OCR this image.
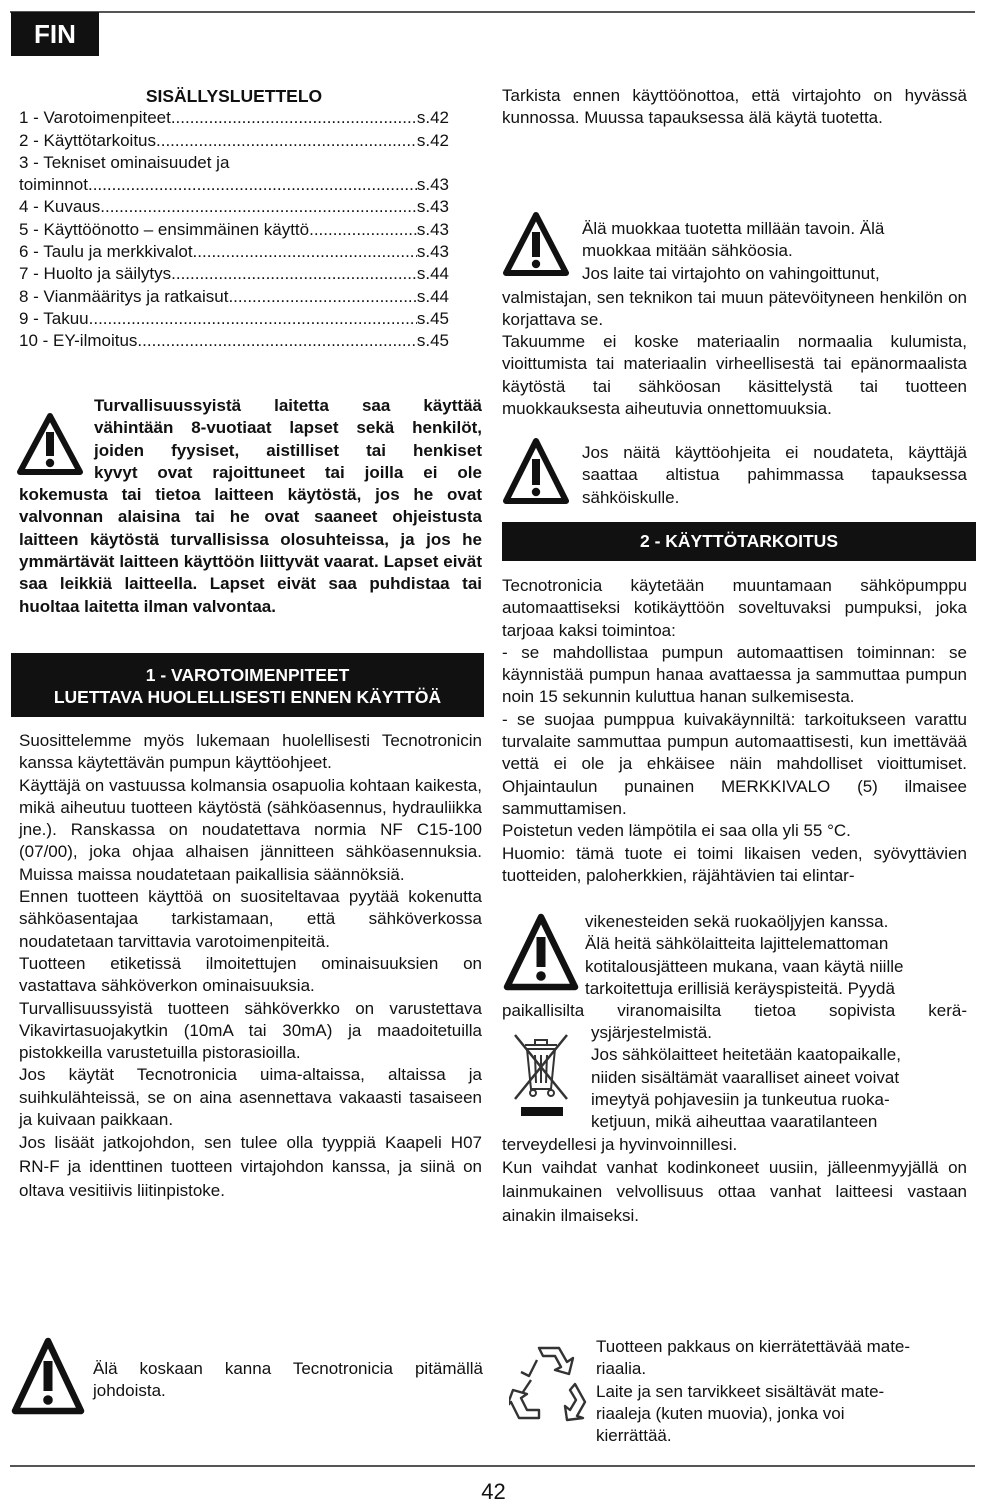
FIN
SISÄLLYSLUETTELO
1 - Varotoimenpiteet .....	s.42
2 - Käyttötarkoitus .....	s.42
3 - Tekniset ominaisuudet ja
toiminnot .....	s.43
4 - Kuvaus .....	s.43
5 - Käyttöönotto – ensimmäinen käyttö .....	s.43
6 - Taulu ja merkkivalot .....	s.43
7 - Huolto ja säilytys .....	s.44
8 - Vianmääritys ja ratkaisut .....	s.44
9 - Takuu .....	s.45
10 - EY-ilmoitus .....	s.45
Turvallisuussyistä laitetta saa käyttää
vähintään 8-vuotiaat lapset sekä henkilöt,
joiden fyysiset, aistilliset tai henkiset
kyvyt ovat rajoittuneet tai joilla ei ole
kokemusta tai tietoa laitteen käytöstä, jos he ovat valvonnan alaisina tai he ovat saaneet ohjeistusta laitteen käytöstä turvallisissa olosuhteissa, ja jos he ymmärtävät laitteen käyttöön liittyvät vaarat. Lapset eivät saa leikkiä laitteella. Lapset eivät saa puhdistaa tai huoltaa laitetta ilman valvontaa.
1 - VAROTOIMENPITEET
LUETTAVA HUOLELLISESTI ENNEN KÄYTTÖÄ
Suosittelemme myös lukemaan huolellisesti Tecnotronicin kanssa käytettävän pumpun käyttöohjeet.
Käyttäjä on vastuussa kolmansia osapuolia kohtaan kaikesta, mikä aiheutuu tuotteen käytöstä (sähköasennus, hydrauliikka jne.). Ranskassa on noudatettava normia NF C15-100 (07/00), joka ohjaa alhaisen jännitteen sähköasennuksia. Muissa maissa noudatetaan paikallisia säännöksiä.
Ennen tuotteen käyttöä on suositeltavaa pyytää kokenutta sähköasentajaa tarkistamaan, että sähköverkossa noudatetaan tarvittavia varotoimenpiteitä.
Tuotteen etiketissä ilmoitettujen ominaisuuksien on vastattava sähköverkon ominaisuuksia.
Turvallisuussyistä tuotteen sähköverkko on varustettava Vikavirtasuojakytkin (10mA tai 30mA) ja maadoitetuilla pistokkeilla varustetuilla pistorasioilla.
Jos käytät Tecnotronicia uima-altaissa, altaissa ja suihkulähteissä, se on aina asennettava vakaasti tasaiseen ja kuivaan paikkaan.
Jos lisäät jatkojohdon, sen tulee olla tyyppiä Kaapeli H07 RN-F ja identtinen tuotteen virtajohdon kanssa, ja siinä on oltava vesitiivis liitinpistoke.
Älä koskaan kanna Tecnotronicia pitämällä johdoista.
Tarkista ennen käyttöönottoa, että virtajohto on hyvässä kunnossa. Muussa tapauksessa älä käytä tuotetta.
Älä muokkaa tuotetta millään tavoin. Älä
muokkaa mitään sähköosia.
Jos laite tai virtajohto on vahingoittunut,
valmistajan, sen teknikon tai muun pätevöityneen henkilön on korjattava se.
Takuumme ei koske materiaalin normaalia kulumista, vioittumista tai materiaalin virheellisestä tai epänormaalista käytöstä tai sähköosan käsittelystä tai tuotteen muokkauksesta aiheutuvia onnettomuuksia.
Jos näitä käyttöohjeita ei noudateta, käyttäjä saattaa altistua pahimmassa tapauksessa sähköiskulle.
2 - KÄYTTÖTARKOITUS
Tecnotronicia käytetään muuntamaan sähköpumppu automaattiseksi kotikäyttöön soveltuvaksi pumpuksi, joka tarjoaa kaksi toimintoa:
- se mahdollistaa pumpun automaattisen toiminnan: se käynnistää pumpun hanaa avattaessa ja sammuttaa pumpun noin 15 sekunnin kuluttua hanan sulkemisesta.
- se suojaa pumppua kuivakäynniltä: tarkoitukseen varattu turvalaite sammuttaa pumpun automaattisesti, kun imettävää vettä ei ole ja ehkäisee näin mahdolliset vioittumiset. Ohjaintaulun punainen MERKKIVALO (5) ilmaisee sammuttamisen.
Poistetun veden lämpötila ei saa olla yli 55 °C.
Huomio: tämä tuote ei toimi likaisen veden, syövyttävien tuotteiden, paloherkkien, räjähtävien tai elintar-
vikenesteiden sekä ruokaöljyjen kanssa.
Älä heitä sähkölaitteita lajittelemattoman
kotitalousjätteen mukana, vaan käytä niille
tarkoitettuja erillisiä keräyspisteitä. Pyydä
paikallisilta viranomaisilta tietoa sopivista kerä-
ysjärjestelmistä.
Jos sähkölaitteet heitetään kaatopaikalle,
niiden sisältämät vaaralliset aineet voivat
imeytyä pohjavesiin ja tunkeutua ruoka-
ketjuun, mikä aiheuttaa vaaratilanteen
terveydellesi ja hyvinvoinnillesi.
Kun vaihdat vanhat kodinkoneet uusiin, jälleenmyyjällä on lainmukainen velvollisuus ottaa vanhat laitteesi vastaan ainakin ilmaiseksi.
Tuotteen pakkaus on kierrätettävää mate-
riaalia.
Laite ja sen tarvikkeet sisältävät mate-
riaaleja (kuten muovia), jonka voi
kierrättää.
42
